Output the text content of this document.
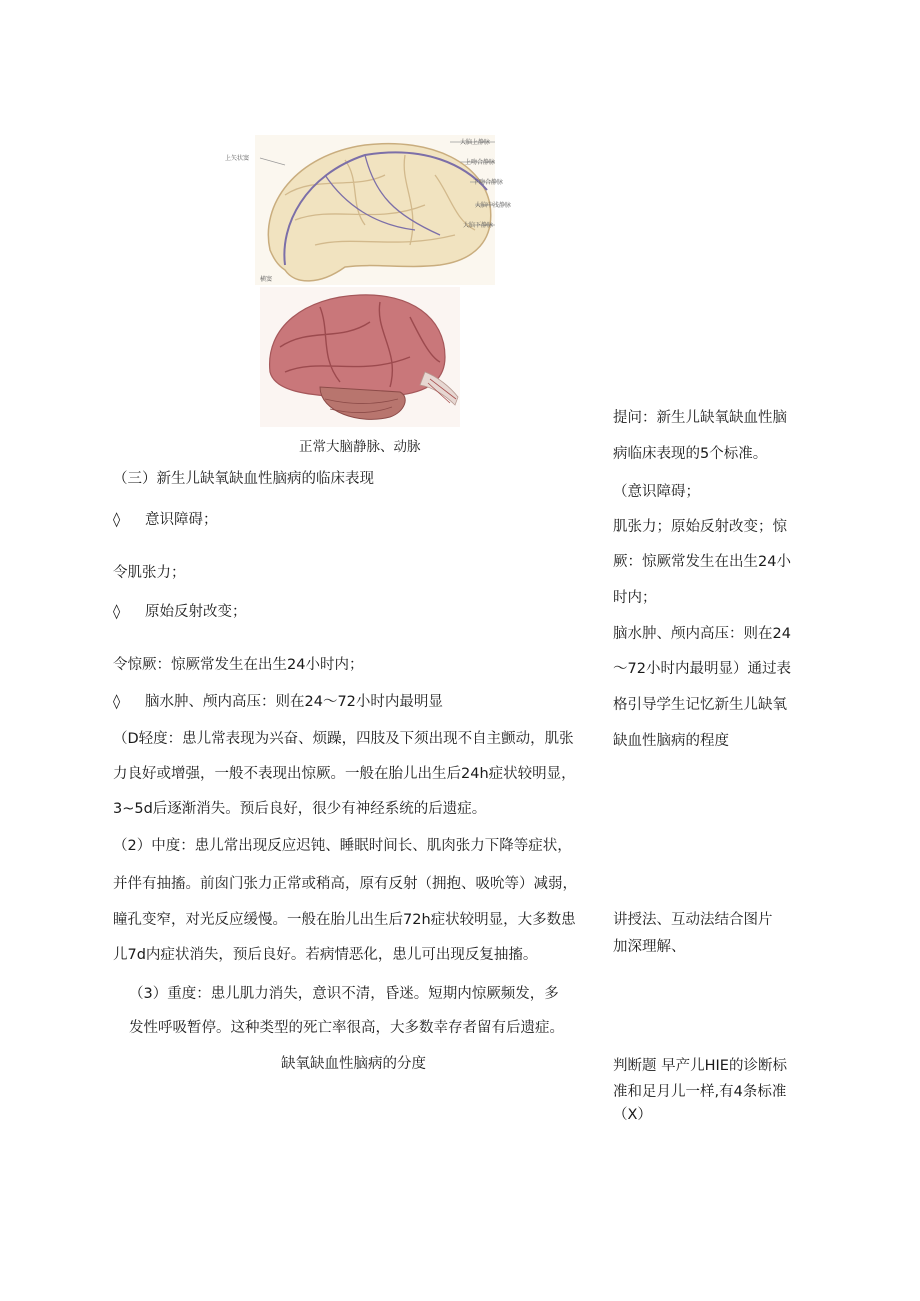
上矢状窦
大脑上静脉
上吻合静脉
下吻合静脉
大脑中浅静脉
大脑下静脉
横窦
正常大脑静脉、动脉
（三）新生儿缺氧缺血性脑病的临床表现
◊ 意识障碍；
令肌张力；
◊ 原始反射改变；
令惊厥：惊厥常发生在出生24小时内；
◊ 脑水肿、颅内高压：则在24〜72小时内最明显
（D轻度：患儿常表现为兴奋、烦躁，四肢及下须出现不自主颤动，肌张
力良好或增强，一般不表现出惊厥。一般在胎儿出生后24h症状较明显，
3~5d后逐渐消失。预后良好，很少有神经系统的后遗症。
（2）中度：患儿常出现反应迟钝、睡眠时间长、肌肉张力下降等症状，
并伴有抽搐。前囱门张力正常或稍高，原有反射（拥抱、吸吮等）减弱，
瞳孔变窄，对光反应缓慢。一般在胎儿出生后72h症状较明显，大多数患
儿7d内症状消失，预后良好。若病情恶化，患儿可出现反复抽搐。
（3）重度：患儿肌力消失，意识不清，昏迷。短期内惊厥频发，多
发性呼吸暂停。这种类型的死亡率很高，大多数幸存者留有后遗症。
缺氧缺血性脑病的分度
提问：新生儿缺氧缺血性脑
病临床表现的5个标准。
（意识障碍；
肌张力；原始反射改变；惊
厥：惊厥常发生在出生24小
时内；
脑水肿、颅内高压：则在24
〜72小时内最明显）通过表
格引导学生记忆新生儿缺氧
缺血性脑病的程度
讲授法、互动法结合图片
加深理解、
判断题 早产儿HIE的诊断标
准和足月儿一样,有4条标准
（X）
